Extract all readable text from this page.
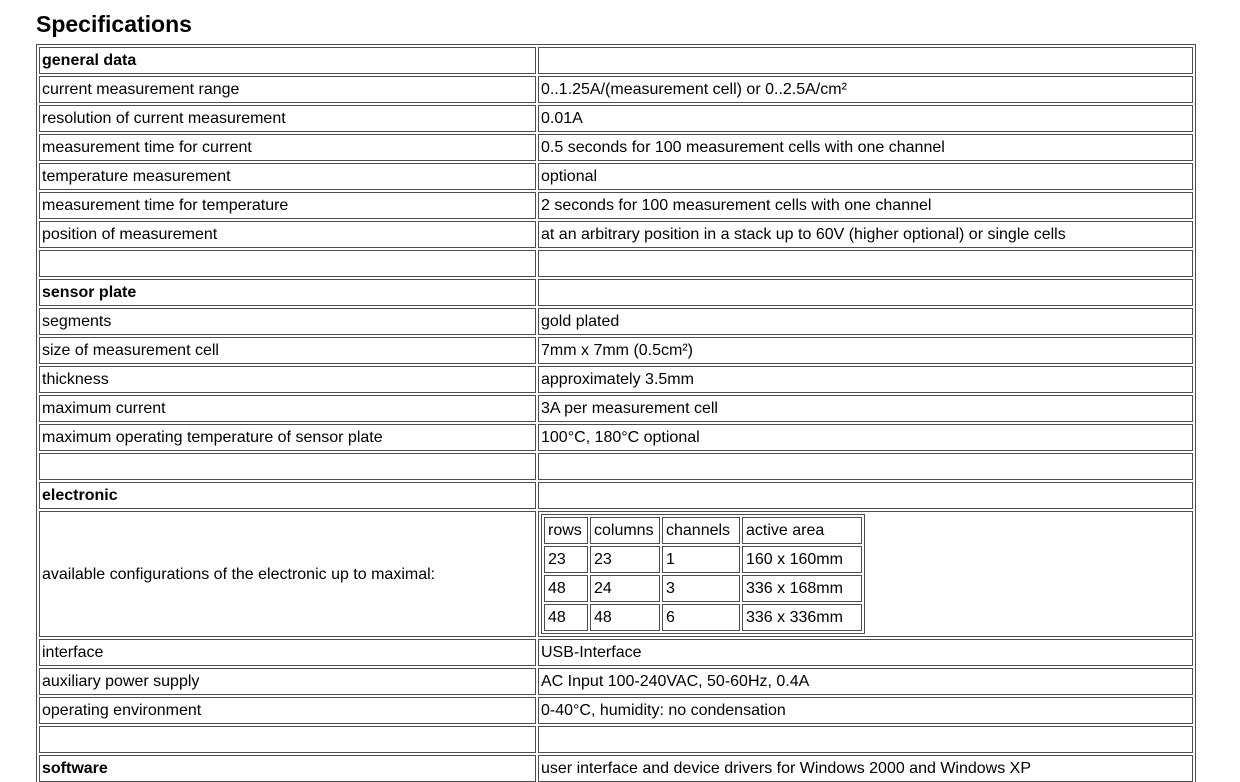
Specifications
general data	
current measurement range	0..1.25A/(measurement cell) or 0..2.5A/cm²
resolution of current measurement	0.01A
measurement time for current	0.5 seconds for 100 measurement cells with one channel
temperature measurement	optional
measurement time for temperature	2 seconds for 100 measurement cells with one channel
position of measurement	at an arbitrary position in a stack up to 60V (higher optional) or single cells

sensor plate	
segments	gold plated
size of measurement cell	7mm x 7mm (0.5cm²)
thickness	approximately 3.5mm
maximum current	3A per measurement cell
maximum operating temperature of sensor plate	100°C, 180°C optional

electronic	
available configurations of the electronic up to maximal:	
rows	columns	channels	active area
23	23	1	160 x 160mm
48	24	3	336 x 168mm
48	48	6	336 x 336mm

interface	USB-Interface
auxiliary power supply	AC Input 100-240VAC, 50-60Hz, 0.4A
operating environment	0-40°C, humidity: no condensation

software	user interface and device drivers for Windows 2000 and Windows XP
